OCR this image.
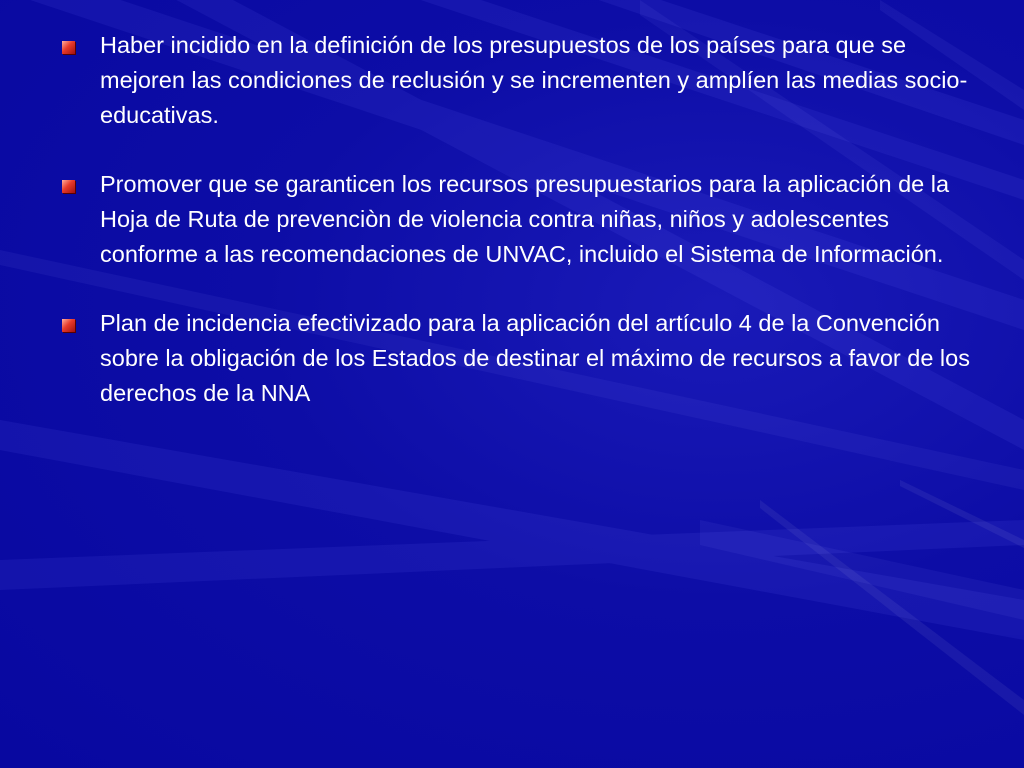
Haber incidido en la definición de los presupuestos de los países para que se mejoren las condiciones de reclusión y se incrementen y amplíen las medias socio-educativas.
Promover que se garanticen los recursos presupuestarios para la aplicación de la Hoja de Ruta de prevenciòn de violencia contra niñas, niños y adolescentes conforme a las recomendaciones de UNVAC, incluido el Sistema de Información.
Plan de incidencia efectivizado para la aplicación del artículo 4 de la Convención sobre la obligación de los Estados de destinar el máximo de recursos a favor de los derechos de la NNA
